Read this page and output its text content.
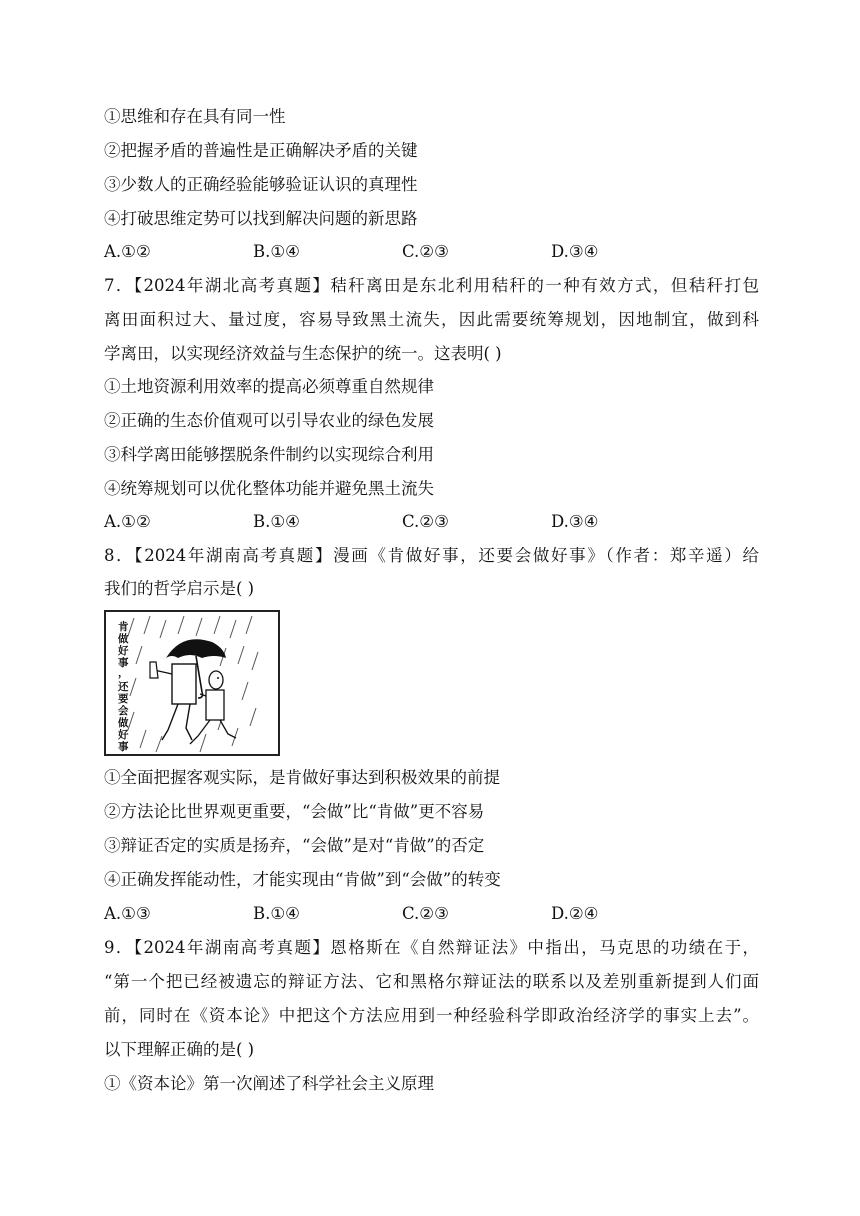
①思维和存在具有同一性
②把握矛盾的普遍性是正确解决矛盾的关键
③少数人的正确经验能够验证认识的真理性
④打破思维定势可以找到解决问题的新思路
A.①②	B.①④	C.②③	D.③④
7．【2024年湖北高考真题】秸秆离田是东北利用秸秆的一种有效方式，但秸秆打包
离田面积过大、量过度，容易导致黑土流失，因此需要统筹规划，因地制宜，做到科
学离田，以实现经济效益与生态保护的统一。这表明( )
①土地资源利用效率的提高必须尊重自然规律
②正确的生态价值观可以引导农业的绿色发展
③科学离田能够摆脱条件制约以实现综合利用
④统筹规划可以优化整体功能并避免黑土流失
A.①②	B.①④	C.②③	D.③④
8．【2024年湖南高考真题】漫画《肯做好事，还要会做好事》（作者：郑辛遥）给
我们的哲学启示是( )
肯
做
好
事
，
还
要
会
做
好
事
①全面把握客观实际，是肯做好事达到积极效果的前提
②方法论比世界观更重要，“会做”比“肯做”更不容易
③辩证否定的实质是扬弃，“会做”是对“肯做”的否定
④正确发挥能动性，才能实现由“肯做”到“会做”的转变
A.①③	B.①④	C.②③	D.②④
9．【2024年湖南高考真题】恩格斯在《自然辩证法》中指出，马克思的功绩在于，
“第一个把已经被遗忘的辩证方法、它和黑格尔辩证法的联系以及差别重新提到人们面
前，同时在《资本论》中把这个方法应用到一种经验科学即政治经济学的事实上去”。
以下理解正确的是( )
①《资本论》第一次阐述了科学社会主义原理
